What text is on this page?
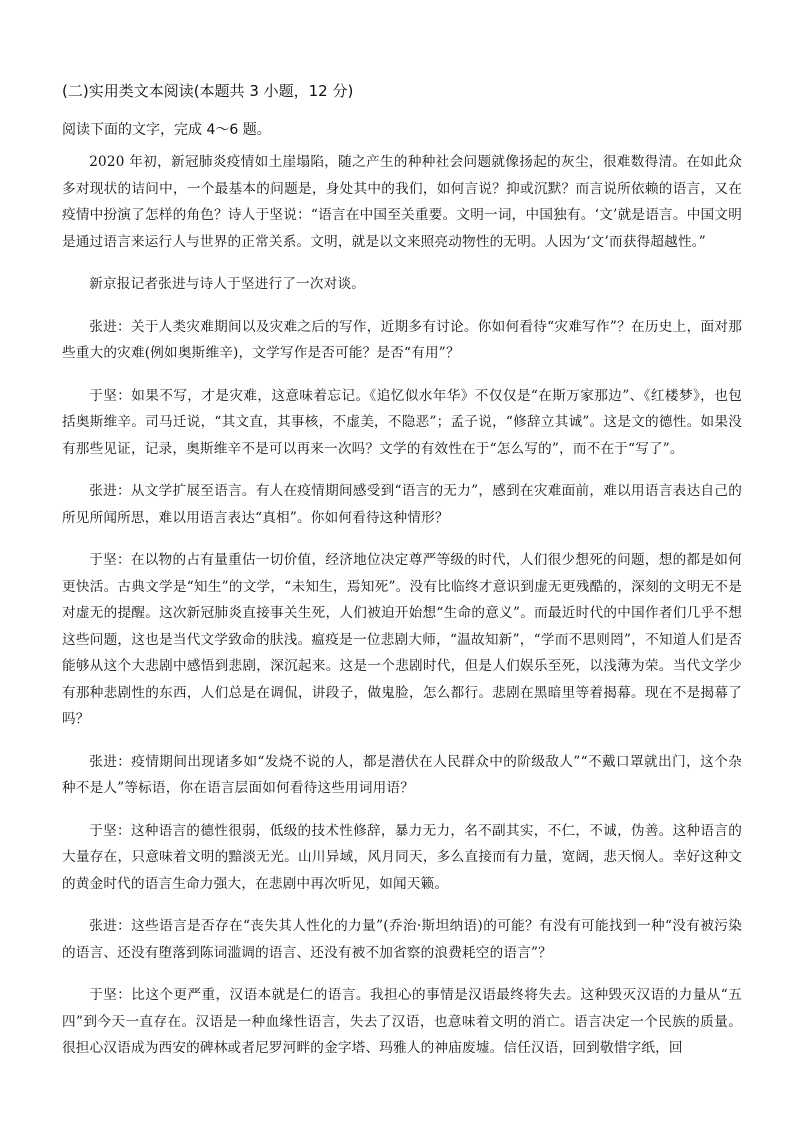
(二)实用类文本阅读(本题共 3 小题，12 分)
阅读下面的文字，完成 4～6 题。

2020 年初，新冠肺炎疫情如土崖塌陷，随之产生的种种社会问题就像扬起的灰尘，很难数得清。在如此众多对现状的诘问中，一个最基本的问题是，身处其中的我们，如何言说？抑或沉默？而言说所依赖的语言，又在疫情中扮演了怎样的角色？诗人于坚说：“语言在中国至关重要。文明一词，中国独有。‘文’就是语言。中国文明是通过语言来运行人与世界的正常关系。文明，就是以文来照亮动物性的无明。人因为‘文’而获得超越性。”

新京报记者张进与诗人于坚进行了一次对谈。

张进：关于人类灾难期间以及灾难之后的写作，近期多有讨论。你如何看待“灾难写作”？在历史上，面对那些重大的灾难(例如奥斯维辛)，文学写作是否可能？是否“有用”？

于坚：如果不写，才是灾难，这意味着忘记。《追忆似水年华》不仅仅是“在斯万家那边”、《红楼梦》，也包括奥斯维辛。司马迁说，“其文直，其事核，不虚美，不隐恶”；孟子说，“修辞立其诚”。这是文的德性。如果没有那些见证，记录，奥斯维辛不是可以再来一次吗？文学的有效性在于“怎么写的”，而不在于“写了”。

张进：从文学扩展至语言。有人在疫情期间感受到“语言的无力”，感到在灾难面前，难以用语言表达自己的所见所闻所思，难以用语言表达“真相”。你如何看待这种情形？

于坚：在以物的占有量重估一切价值，经济地位决定尊严等级的时代，人们很少想死的问题，想的都是如何更快活。古典文学是“知生”的文学，“未知生，焉知死”。没有比临终才意识到虚无更残酷的，深刻的文明无不是对虚无的提醒。这次新冠肺炎直接事关生死，人们被迫开始想“生命的意义”。而最近时代的中国作者们几乎不想这些问题，这也是当代文学致命的肤浅。瘟疫是一位悲剧大师，“温故知新”，“学而不思则罔”，不知道人们是否能够从这个大悲剧中感悟到悲剧，深沉起来。这是一个悲剧时代，但是人们娱乐至死，以浅薄为荣。当代文学少有那种悲剧性的东西，人们总是在调侃，讲段子，做鬼脸，怎么都行。悲剧在黑暗里等着揭幕。现在不是揭幕了吗？

张进：疫情期间出现诸多如“发烧不说的人，都是潜伏在人民群众中的阶级敌人”“不戴口罩就出门，这个杂种不是人”等标语，你在语言层面如何看待这些用词用语？

于坚：这种语言的德性很弱，低级的技术性修辞，暴力无力，名不副其实，不仁，不诚，伪善。这种语言的大量存在，只意味着文明的黯淡无光。山川异域，风月同天，多么直接而有力量，宽阔，悲天悯人。幸好这种文的黄金时代的语言生命力强大，在悲剧中再次听见，如闻天籁。

张进：这些语言是否存在“丧失其人性化的力量”(乔治·斯坦纳语)的可能？有没有可能找到一种“没有被污染的语言、还没有堕落到陈词滥调的语言、还没有被不加省察的浪费耗空的语言”？

于坚：比这个更严重，汉语本就是仁的语言。我担心的事情是汉语最终将失去。这种毁灭汉语的力量从“五四”到今天一直存在。汉语是一种血缘性语言，失去了汉语，也意味着文明的消亡。语言决定一个民族的质量。很担心汉语成为西安的碑林或者尼罗河畔的金字塔、玛雅人的神庙废墟。信任汉语，回到敬惜字纸，回
